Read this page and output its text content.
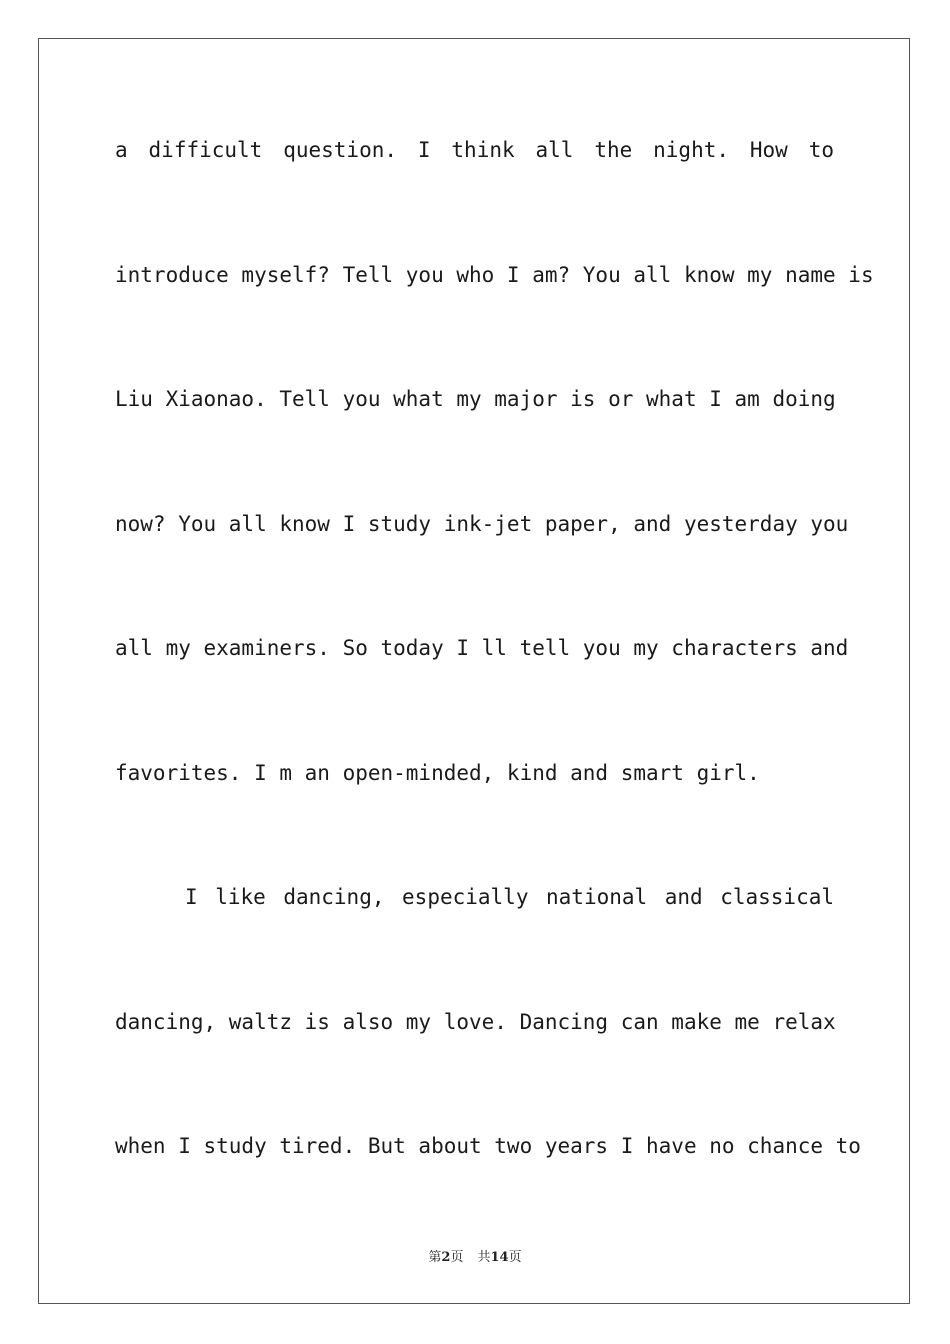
a difficult question. I think all the night. How to
introduce myself? Tell you who I am? You all know my name is
Liu Xiaonao. Tell you what my major is or what I am doing
now? You all know I study ink-jet paper, and yesterday you
all my examiners. So today I ll tell you my characters and
favorites. I m an open-minded, kind and smart girl.
I like dancing, especially national and classical
dancing, waltz is also my love. Dancing can make me relax
when I study tired. But about two years I have no chance to
第2页 共14页
